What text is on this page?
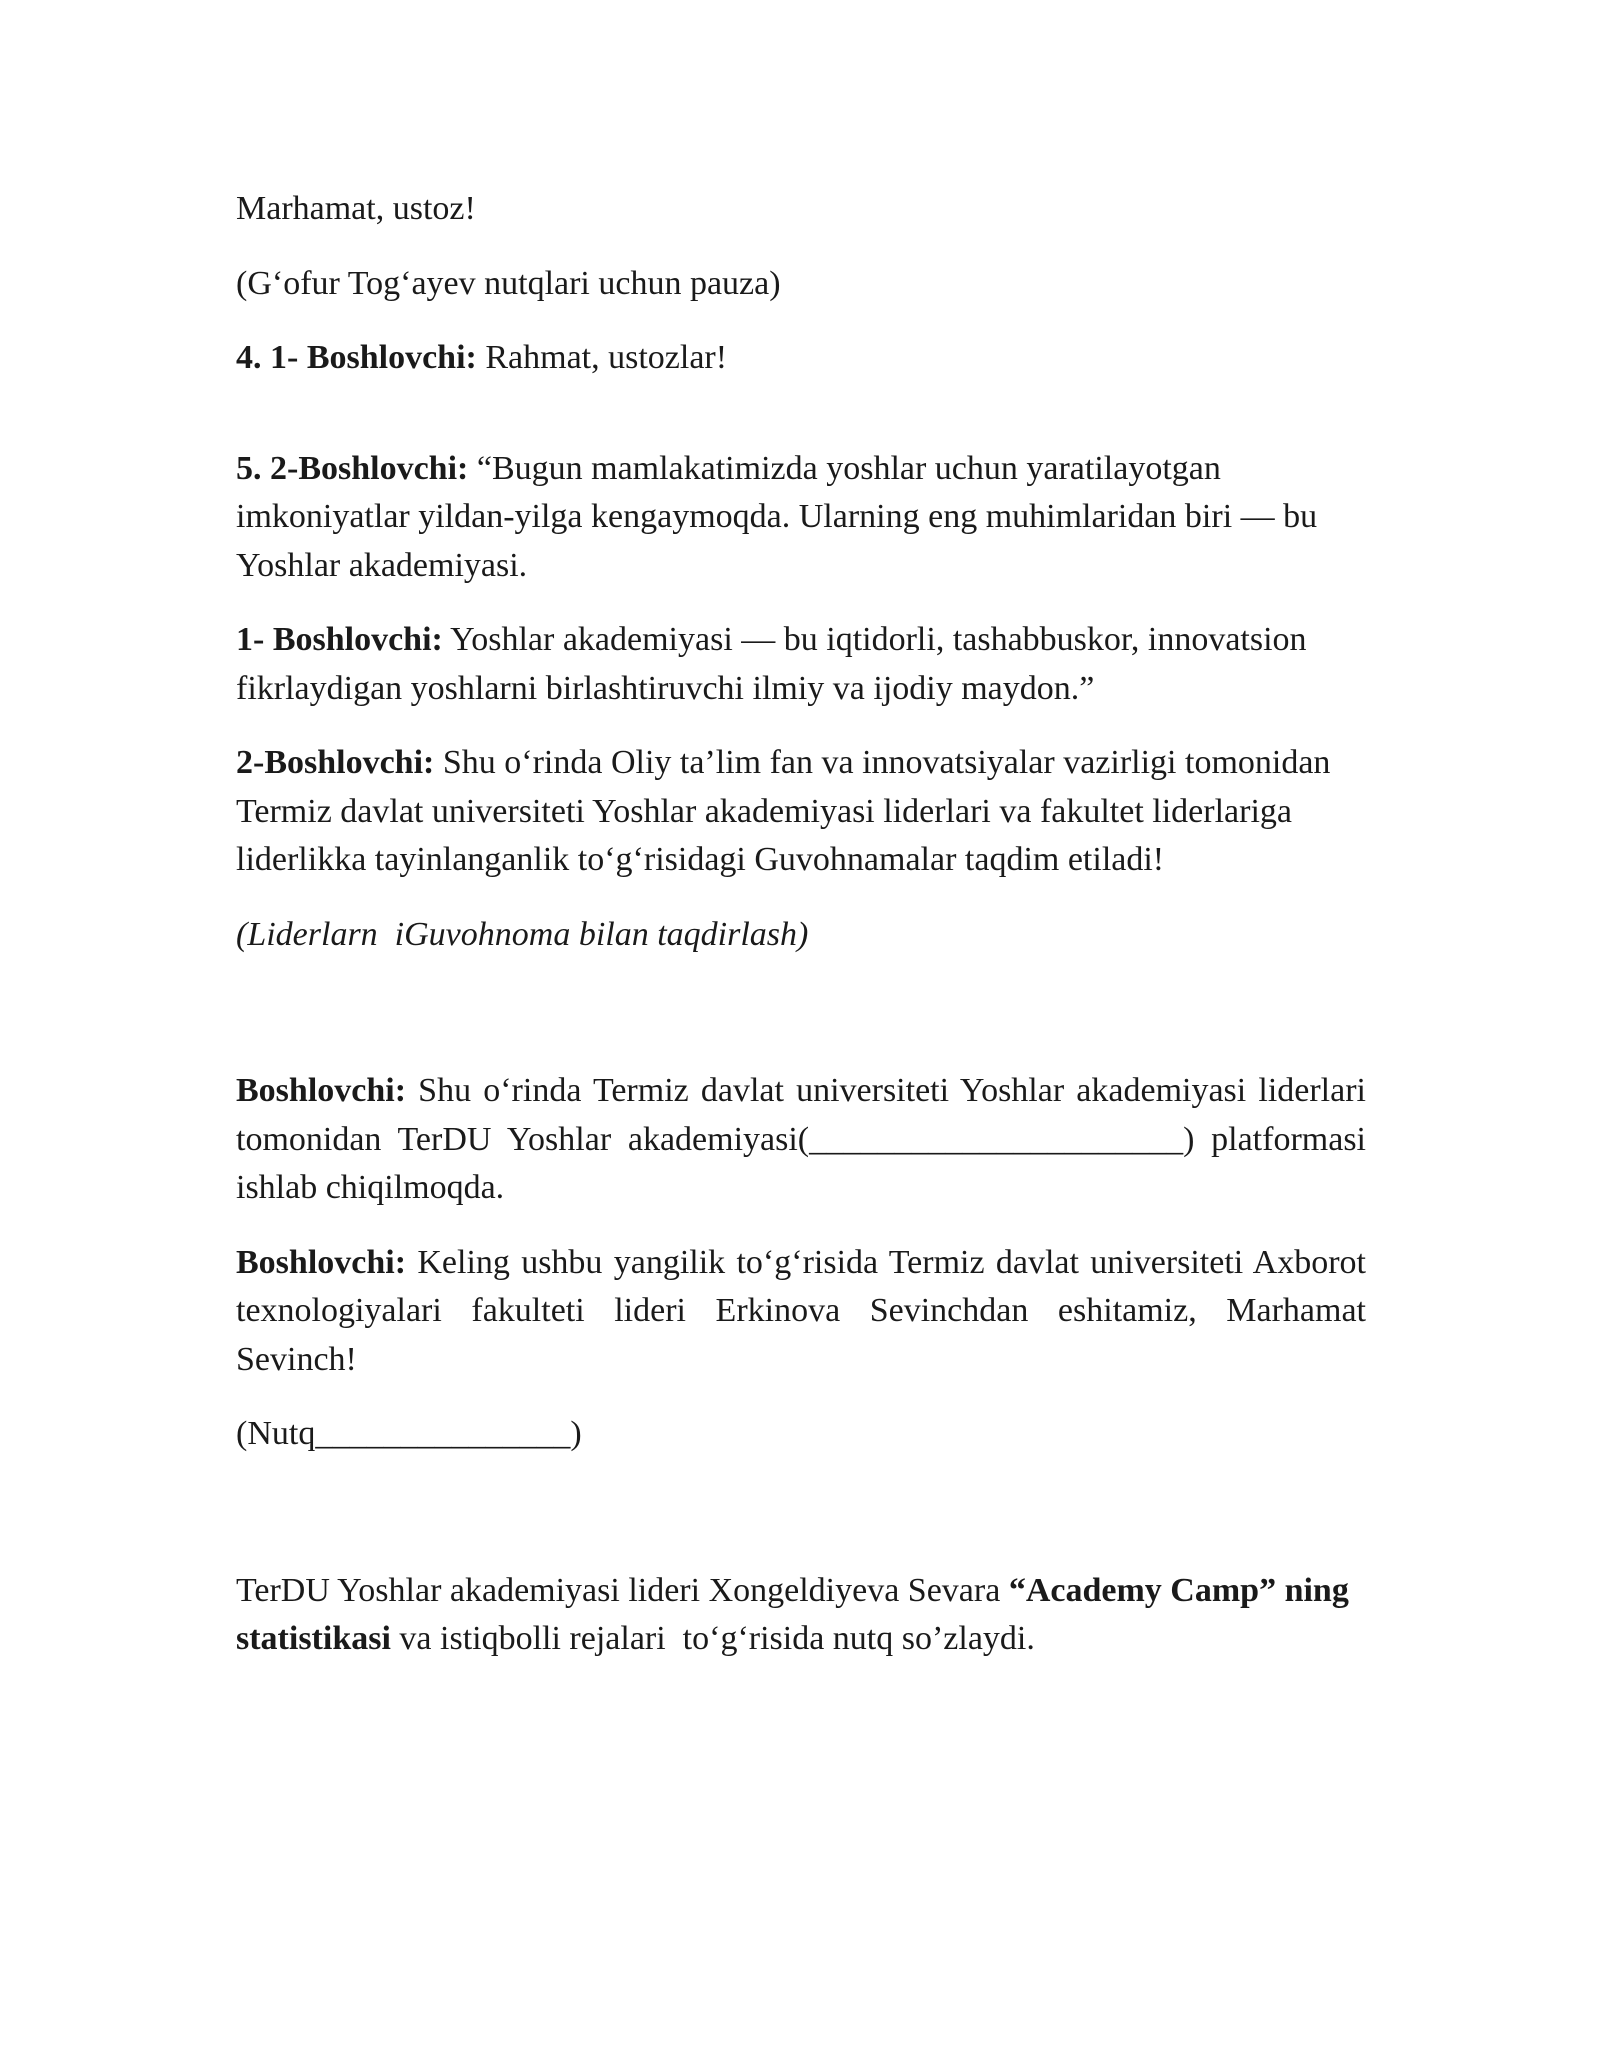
Marhamat, ustoz!

(G‘ofur Tog‘ayev nutqlari uchun pauza)

4. 1- Boshlovchi: Rahmat, ustozlar!

5. 2-Boshlovchi: “Bugun mamlakatimizda yoshlar uchun yaratilayotgan imkoniyatlar yildan-yilga kengaymoqda. Ularning eng muhimlaridan biri — bu Yoshlar akademiyasi.

1- Boshlovchi: Yoshlar akademiyasi — bu iqtidorli, tashabbuskor, innovatsion fikrlaydigan yoshlarni birlashtiruvchi ilmiy va ijodiy maydon.”

2-Boshlovchi: Shu o‘rinda Oliy ta’lim fan va innovatsiyalar vazirligi tomonidan Termiz davlat universiteti Yoshlar akademiyasi liderlari va fakultet liderlariga liderlikka tayinlanganlik to‘g‘risidagi Guvohnamalar taqdim etiladi!

(Liderlarn  iGuvohnoma bilan taqdirlash)

Boshlovchi: Shu o‘rinda Termiz davlat universiteti Yoshlar akademiyasi liderlari tomonidan TerDU Yoshlar akademiyasi(______________________) platformasi ishlab chiqilmoqda.

Boshlovchi: Keling ushbu yangilik to‘g‘risida Termiz davlat universiteti Axborot texnologiyalari fakulteti lideri Erkinova Sevinchdan eshitamiz, Marhamat Sevinch!

(Nutq_______________)

TerDU Yoshlar akademiyasi lideri Xongeldiyeva Sevara “Academy Camp” ning statistikasi va istiqbolli rejalari  to‘g‘risida nutq so’zlaydi.
